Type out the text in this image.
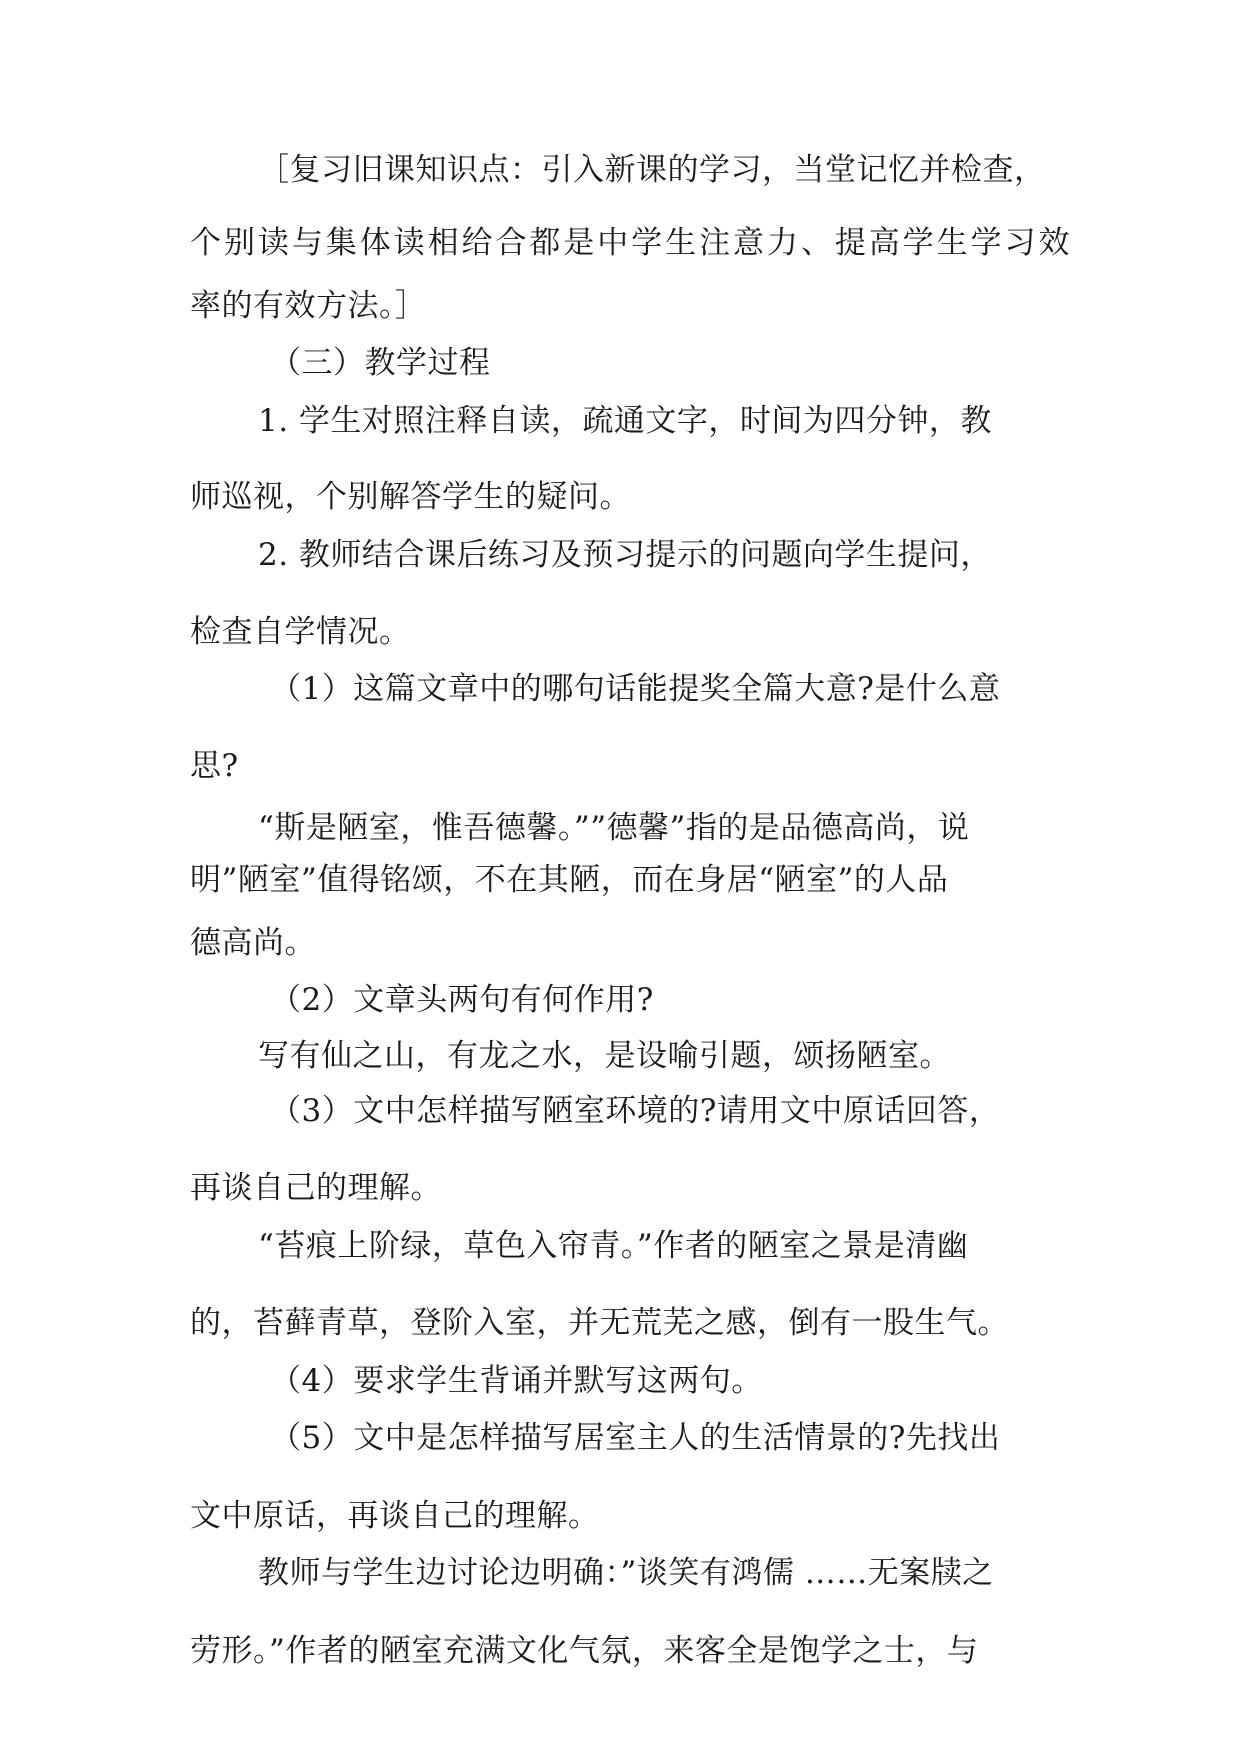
［复习旧课知识点：引入新课的学习，当堂记忆并检查，
个别读与集体读相给合都是中学生注意力、提高学生学习效
率的有效方法。］
（三）教学过程
1. 学生对照注释自读，疏通文字，时间为四分钟，教
师巡视，个别解答学生的疑问。
2. 教师结合课后练习及预习提示的问题向学生提问，
检查自学情况。
（1）这篇文章中的哪句话能提奖全篇大意?是什么意
思?
“斯是陋室，惟吾德馨。””德馨”指的是品德高尚，说
明”陋室”值得铭颂，不在其陋，而在身居“陋室”的人品
德高尚。
（2）文章头两句有何作用?
写有仙之山，有龙之水，是设喻引题，颂扬陋室。
（3）文中怎样描写陋室环境的?请用文中原话回答，
再谈自己的理解。
“苔痕上阶绿，草色入帘青。”作者的陋室之景是清幽
的，苔藓青草，登阶入室，并无荒芜之感，倒有一股生气。
（4）要求学生背诵并默写这两句。
（5）文中是怎样描写居室主人的生活情景的?先找出
文中原话，再谈自己的理解。
教师与学生边讨论边明确：”谈笑有鸿儒 ……无案牍之
劳形。”作者的陋室充满文化气氛，来客全是饱学之士，与
